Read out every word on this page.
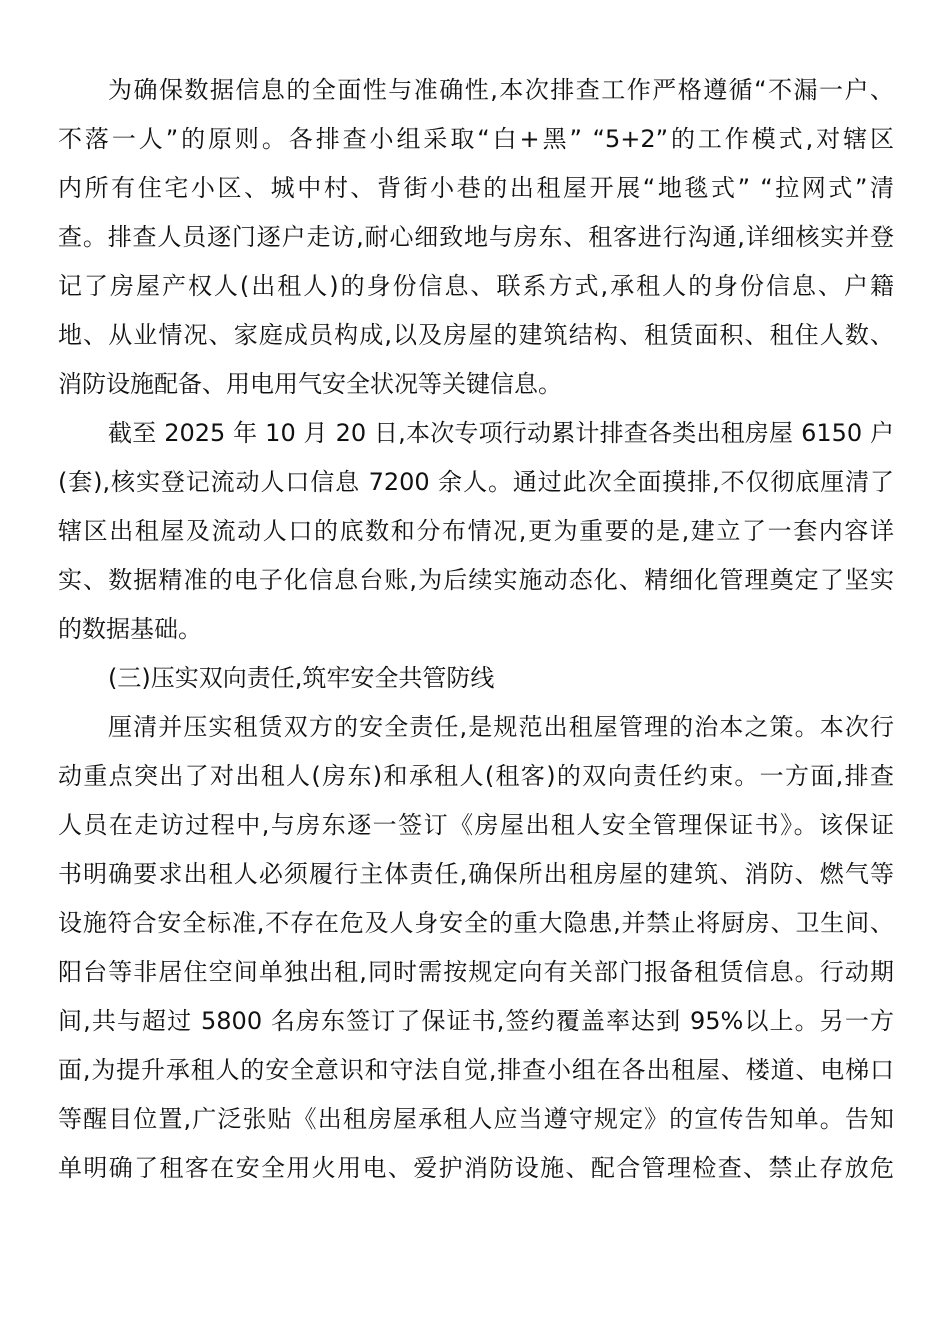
为确保数据信息的全面性与准确性,本次排查工作严格遵循“不漏一户、
不落一人”的原则。各排查小组采取“白+黑” “5+2”的工作模式,对辖区
内所有住宅小区、城中村、背街小巷的出租屋开展“地毯式” “拉网式”清
查。排查人员逐门逐户走访,耐心细致地与房东、租客进行沟通,详细核实并登
记了房屋产权人(出租人)的身份信息、联系方式,承租人的身份信息、户籍
地、从业情况、家庭成员构成,以及房屋的建筑结构、租赁面积、租住人数、
消防设施配备、用电用气安全状况等关键信息。
截至 2025 年 10 月 20 日,本次专项行动累计排查各类出租房屋 6150 户
(套),核实登记流动人口信息 7200 余人。通过此次全面摸排,不仅彻底厘清了
辖区出租屋及流动人口的底数和分布情况,更为重要的是,建立了一套内容详
实、数据精准的电子化信息台账,为后续实施动态化、精细化管理奠定了坚实
的数据基础。
(三)压实双向责任,筑牢安全共管防线
厘清并压实租赁双方的安全责任,是规范出租屋管理的治本之策。本次行
动重点突出了对出租人(房东)和承租人(租客)的双向责任约束。一方面,排查
人员在走访过程中,与房东逐一签订《房屋出租人安全管理保证书》。该保证
书明确要求出租人必须履行主体责任,确保所出租房屋的建筑、消防、燃气等
设施符合安全标准,不存在危及人身安全的重大隐患,并禁止将厨房、卫生间、
阳台等非居住空间单独出租,同时需按规定向有关部门报备租赁信息。行动期
间,共与超过 5800 名房东签订了保证书,签约覆盖率达到 95%以上。另一方
面,为提升承租人的安全意识和守法自觉,排查小组在各出租屋、楼道、电梯口
等醒目位置,广泛张贴《出租房屋承租人应当遵守规定》的宣传告知单。告知
单明确了租客在安全用火用电、爱护消防设施、配合管理检查、禁止存放危
